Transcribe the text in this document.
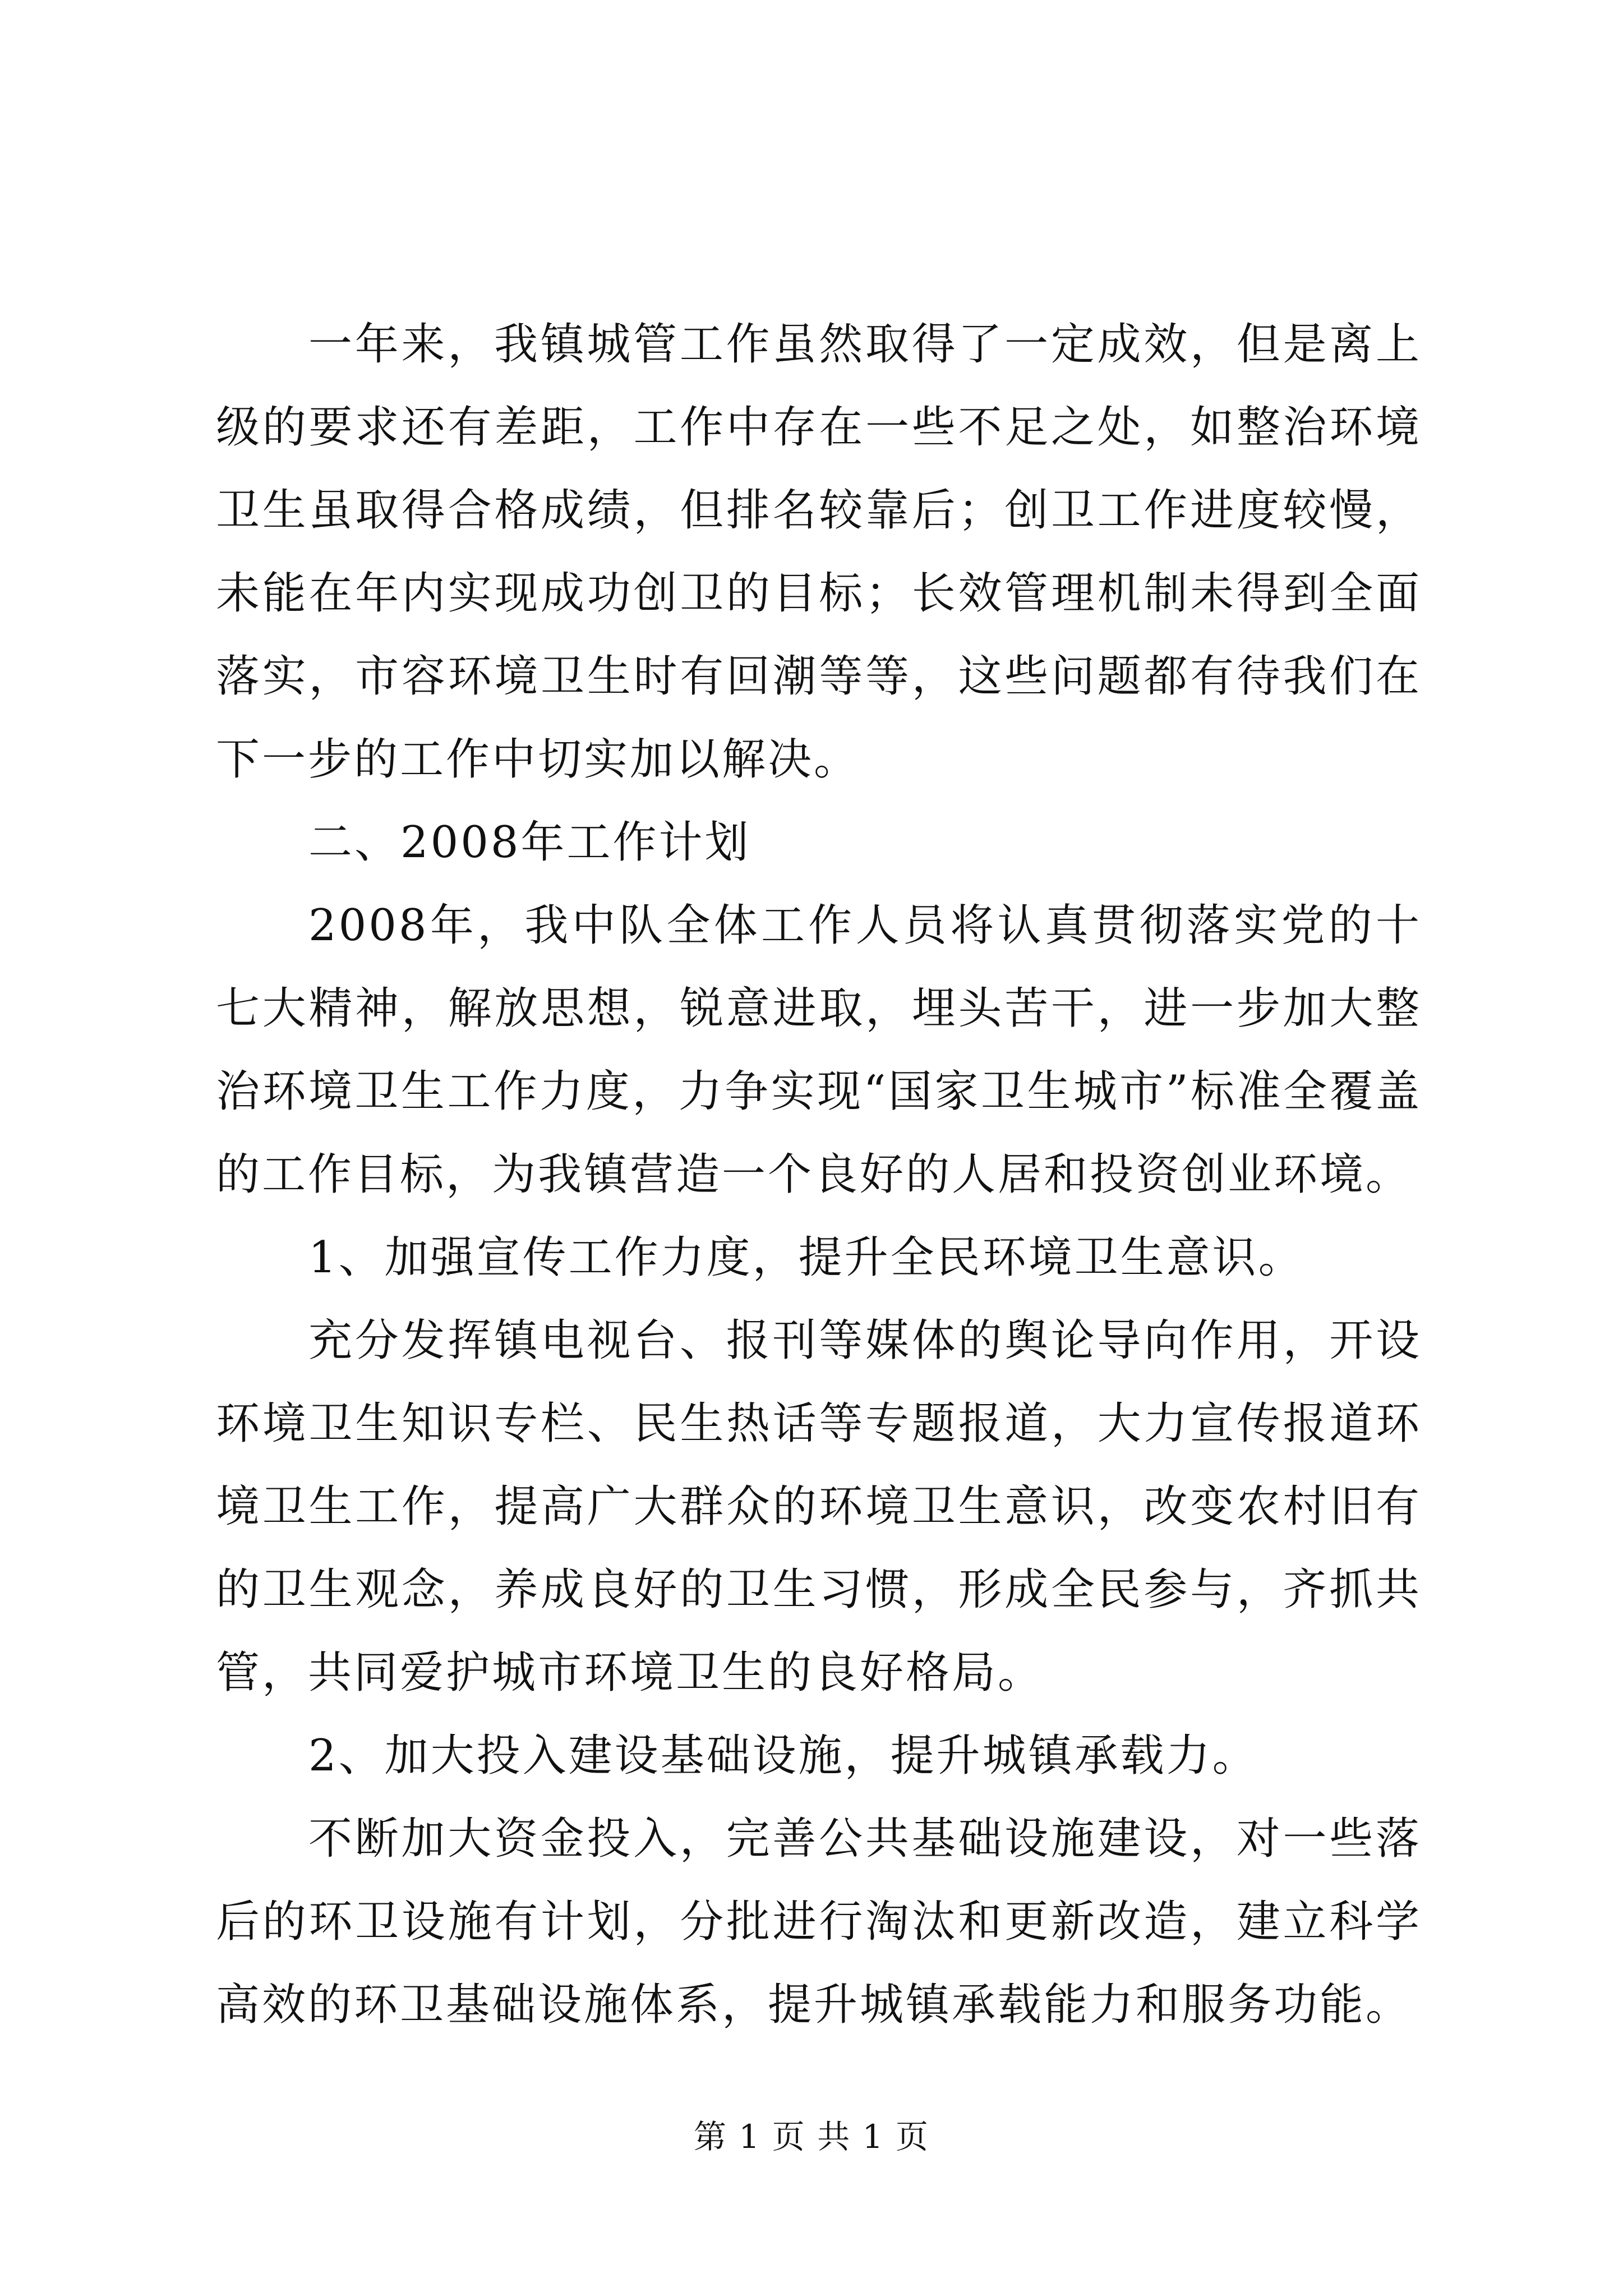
一年来，我镇城管工作虽然取得了一定成效，但是离上级的要求还有差距，工作中存在一些不足之处，如整治环境卫生虽取得合格成绩，但排名较靠后；创卫工作进度较慢，未能在年内实现成功创卫的目标；长效管理机制未得到全面落实，市容环境卫生时有回潮等等，这些问题都有待我们在下一步的工作中切实加以解决。

二、2008年工作计划

2008年，我中队全体工作人员将认真贯彻落实党的十七大精神，解放思想，锐意进取，埋头苦干，进一步加大整治环境卫生工作力度，力争实现“国家卫生城市”标准全覆盖的工作目标，为我镇营造一个良好的人居和投资创业环境。

1、加强宣传工作力度，提升全民环境卫生意识。

充分发挥镇电视台、报刊等媒体的舆论导向作用，开设环境卫生知识专栏、民生热话等专题报道，大力宣传报道环境卫生工作，提高广大群众的环境卫生意识，改变农村旧有的卫生观念，养成良好的卫生习惯，形成全民参与，齐抓共管，共同爱护城市环境卫生的良好格局。

2、加大投入建设基础设施，提升城镇承载力。

不断加大资金投入，完善公共基础设施建设，对一些落后的环卫设施有计划，分批进行淘汰和更新改造，建立科学高效的环卫基础设施体系，提升城镇承载能力和服务功能。

第 1 页 共 1 页
